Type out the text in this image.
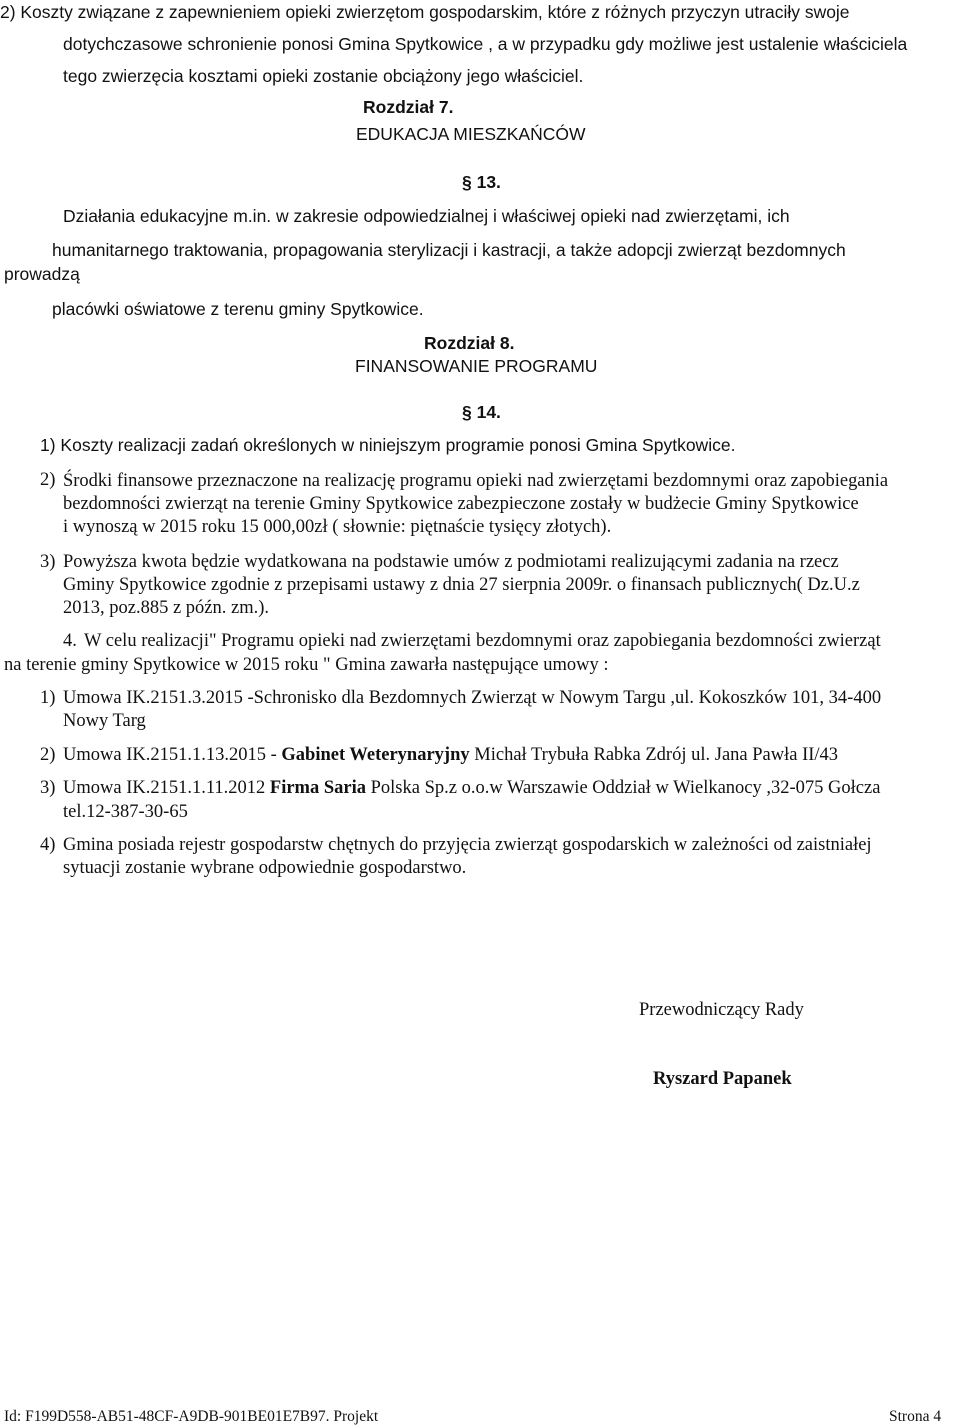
2) Koszty związane z zapewnieniem opieki zwierzętom gospodarskim, które z różnych przyczyn utraciły swoje

dotychczasowe schronienie ponosi Gmina Spytkowice , a w przypadku gdy możliwe jest ustalenie właściciela

tego zwierzęcia kosztami opieki zostanie obciążony jego właściciel.

Rozdział 7.

EDUKACJA MIESZKAŃCÓW

§ 13.

Działania edukacyjne m.in. w zakresie odpowiedzialnej i właściwej opieki nad zwierzętami, ich

humanitarnego traktowania, propagowania sterylizacji i kastracji, a także adopcji zwierząt bezdomnych

prowadzą

placówki oświatowe z terenu gminy Spytkowice.

Rozdział 8.

FINANSOWANIE PROGRAMU

§ 14.

1) Koszty realizacji zadań określonych w niniejszym programie ponosi Gmina Spytkowice.

2) Środki finansowe przeznaczone na realizację programu opieki nad zwierzętami bezdomnymi oraz zapobiegania

bezdomności zwierząt na terenie Gminy Spytkowice zabezpieczone zostały w budżecie Gminy Spytkowice

i wynoszą w 2015 roku 15 000,00zł ( słownie: piętnaście tysięcy złotych).

3) Powyższa kwota będzie wydatkowana na podstawie umów z podmiotami realizującymi zadania na rzecz

Gminy Spytkowice zgodnie z przepisami ustawy z dnia 27 sierpnia 2009r. o finansach publicznych( Dz.U.z

2013, poz.885 z późn. zm.).

4. W celu realizacji" Programu opieki nad zwierzętami bezdomnymi oraz zapobiegania bezdomności zwierząt

na terenie gminy Spytkowice w 2015 roku " Gmina zawarła następujące umowy :

1) Umowa IK.2151.3.2015 -Schronisko dla Bezdomnych Zwierząt w Nowym Targu ,ul. Kokoszków 101, 34-400

Nowy Targ

2) Umowa IK.2151.1.13.2015 - Gabinet Weterynaryjny Michał Trybuła Rabka Zdrój ul. Jana Pawła II/43

3) Umowa IK.2151.1.11.2012 Firma Saria Polska Sp.z o.o.w Warszawie Oddział w Wielkanocy ,32-075 Gołcza

tel.12-387-30-65

4) Gmina posiada rejestr gospodarstw chętnych do przyjęcia zwierząt gospodarskich w zależności od zaistniałej

sytuacji zostanie wybrane odpowiednie gospodarstwo.

Przewodniczący Rady

Ryszard Papanek

Id: F199D558-AB51-48CF-A9DB-901BE01E7B97. Projekt	Strona 4
